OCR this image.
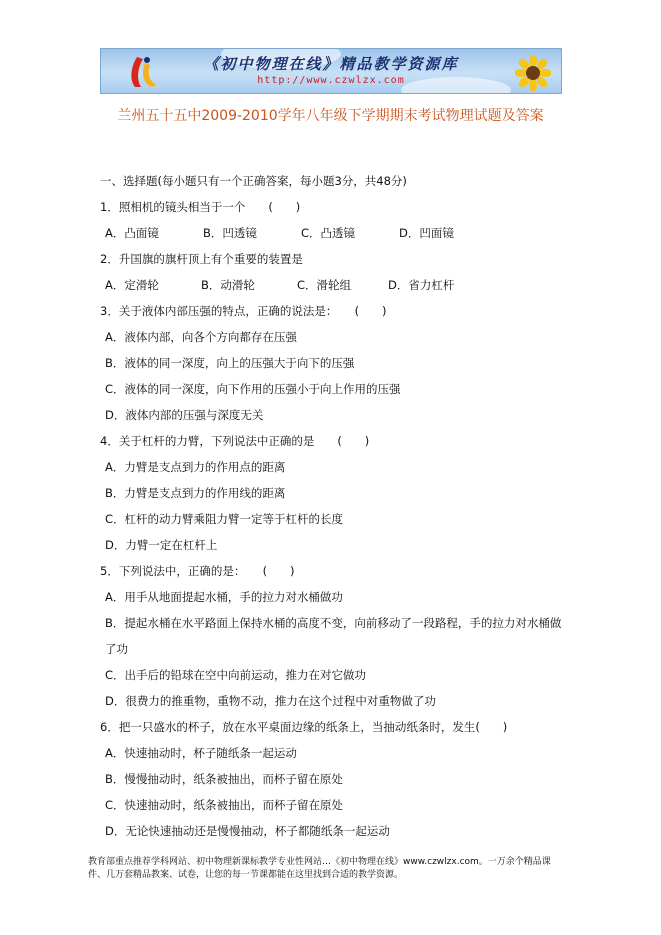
《初中物理在线》精品教学资源库
http://www.czwlzx.com
兰州五十五中2009-2010学年八年级下学期期末考试物理试题及答案
一、选择题(每小题只有一个正确答案，每小题3分，共48分)
1．照相机的镜头相当于一个　　(　　)
A．凸面镜	B．凹透镜	C．凸透镜	D．凹面镜
2．升国旗的旗杆顶上有个重要的装置是
A．定滑轮	B．动滑轮	C．滑轮组	D．省力杠杆
3．关于液体内部压强的特点，正确的说法是：　　(　　)
A．液体内部，向各个方向都存在压强
B．液体的同一深度，向上的压强大于向下的压强
C．液体的同一深度，向下作用的压强小于向上作用的压强
D．液体内部的压强与深度无关
4．关于杠杆的力臂，下列说法中正确的是　　(　　)
A．力臂是支点到力的作用点的距离
B．力臂是支点到力的作用线的距离
C．杠杆的动力臂乘阻力臂一定等于杠杆的长度
D．力臂一定在杠杆上
5．下列说法中，正确的是：　　(　　)
A．用手从地面提起水桶，手的拉力对水桶做功
B．提起水桶在水平路面上保持水桶的高度不变，向前移动了一段路程，手的拉力对水桶做了功
C．出手后的铅球在空中向前运动，推力在对它做功
D．很费力的推重物，重物不动，推力在这个过程中对重物做了功
6．把一只盛水的杯子，放在水平桌面边缘的纸条上，当抽动纸条时，发生(　　)
A．快速抽动时，杯子随纸条一起运动
B．慢慢抽动时，纸条被抽出，而杯子留在原处
C．快速抽动时，纸条被抽出，而杯子留在原处
D．无论快速抽动还是慢慢抽动，杯子都随纸条一起运动
教育部重点推荐学科网站、初中物理新课标教学专业性网站…《初中物理在线》www.czwlzx.com。一万余个精品课件、几万套精品教案、试卷，让您的每一节课都能在这里找到合适的教学资源。
